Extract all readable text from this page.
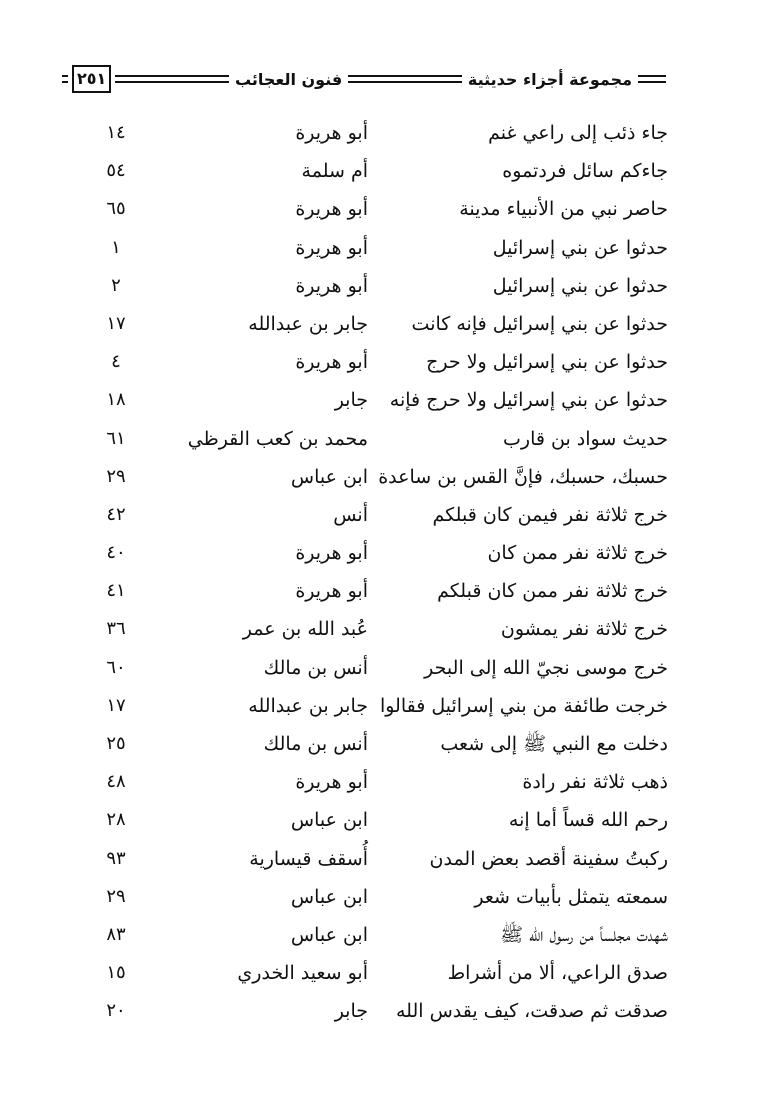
٢٥١	فنون العجائب	مجموعة أجزاء حديثية
جاء ذئب إلى راعي غنم
أبو هريرة
١٤
جاءكم سائل فردتموه
أم سلمة
٥٤
حاصر نبي من الأنبياء مدينة
أبو هريرة
٦٥
حدثوا عن بني إسرائيل
أبو هريرة
١
حدثوا عن بني إسرائيل
أبو هريرة
٢
حدثوا عن بني إسرائيل فإنه كانت
جابر بن عبدالله
١٧
حدثوا عن بني إسرائيل ولا حرج
أبو هريرة
٤
حدثوا عن بني إسرائيل ولا حرج فإنه
جابر
١٨
حديث سواد بن قارب
محمد بن كعب القرظي
٦١
حسبك، حسبك، فإنَّ القس بن ساعدة
ابن عباس
٢٩
خرج ثلاثة نفر فيمن كان قبلكم
أنس
٤٢
خرج ثلاثة نفر ممن كان
أبو هريرة
٤٠
خرج ثلاثة نفر ممن كان قبلكم
أبو هريرة
٤١
خرج ثلاثة نفر يمشون
عُبد الله بن عمر
٣٦
خرج موسى نجيّ الله إلى البحر
أنس بن مالك
٦٠
خرجت طائفة من بني إسرائيل فقالوا
جابر بن عبدالله
١٧
دخلت مع النبي ﷺ إلى شعب
أنس بن مالك
٢٥
ذهب ثلاثة نفر رادة
أبو هريرة
٤٨
رحم الله قساً أما إنه
ابن عباس
٢٨
ركبتُ سفينة أقصد بعض المدن
أُسقف قيسارية
٩٣
سمعته يتمثل بأبيات شعر
ابن عباس
٢٩
شهدت مجلساً من رسول الله ﷺ
ابن عباس
٨٣
صدق الراعي، ألا من أشراط
أبو سعيد الخدري
١٥
صدقت ثم صدقت، كيف يقدس الله
جابر
٢٠
